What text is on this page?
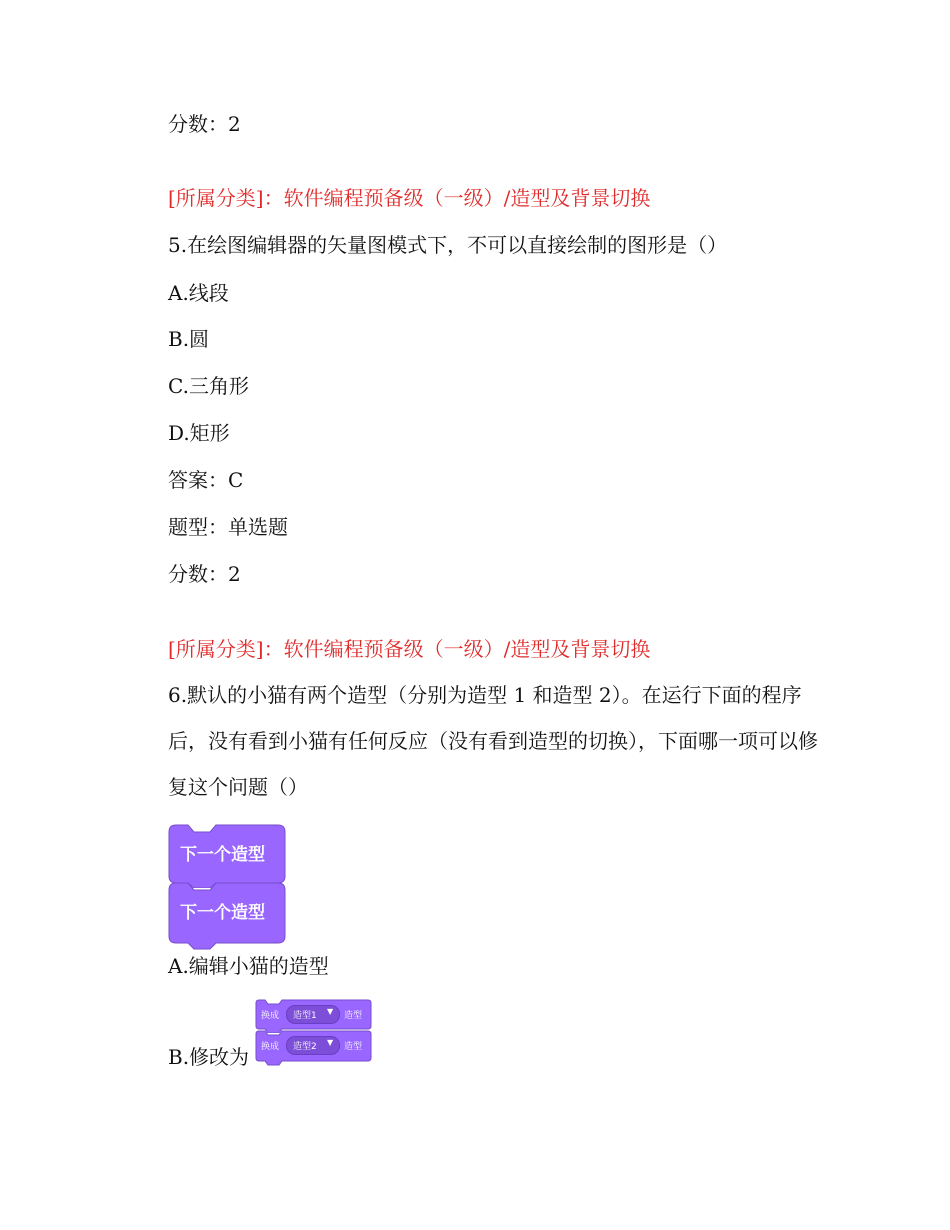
分数：2
[所属分类]：软件编程预备级（一级）/造型及背景切换
5.在绘图编辑器的矢量图模式下，不可以直接绘制的图形是（）
A.线段
B.圆
C.三角形
D.矩形
答案：C
题型：单选题
分数：2
[所属分类]：软件编程预备级（一级）/造型及背景切换
6.默认的小猫有两个造型（分别为造型 1 和造型 2）。在运行下面的程序后，没有看到小猫有任何反应（没有看到造型的切换），下面哪一项可以修复这个问题（）
下一个造型
下一个造型
A.编辑小猫的造型
B.修改为
换成 造型1 ▼ 造型
换成 造型2 ▼ 造型
